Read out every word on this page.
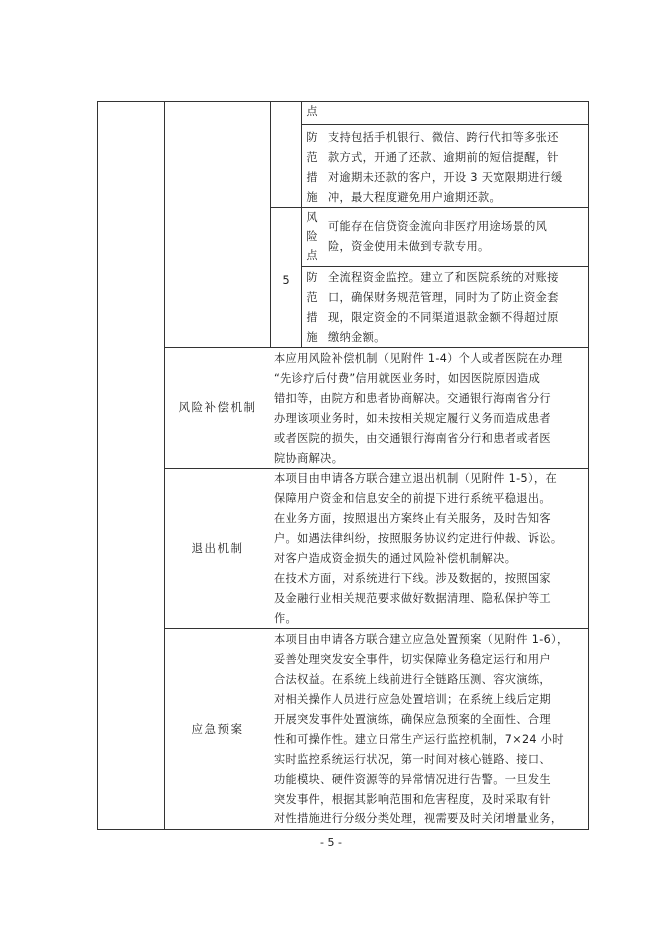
点
防
范
措
施
支持包括手机银行、微信、跨行代扣等多张还
款方式，开通了还款、逾期前的短信提醒，针
对逾期未还款的客户，开设 3 天宽限期进行缓
冲，最大程度避免用户逾期还款。
5
风
险
点
可能存在信贷资金流向非医疗用途场景的风
险，资金使用未做到专款专用。
防
范
措
施
全流程资金监控。建立了和医院系统的对账接
口，确保财务规范管理，同时为了防止资金套
现，限定资金的不同渠道退款金额不得超过原
缴纳金额。
风险补偿机制
本应用风险补偿机制（见附件 1-4）个人或者医院在办理
“先诊疗后付费”信用就医业务时，如因医院原因造成
错扣等，由院方和患者协商解决。交通银行海南省分行
办理该项业务时，如未按相关规定履行义务而造成患者
或者医院的损失，由交通银行海南省分行和患者或者医
院协商解决。
退出机制
本项目由申请各方联合建立退出机制（见附件 1-5），在
保障用户资金和信息安全的前提下进行系统平稳退出。
在业务方面，按照退出方案终止有关服务，及时告知客
户。如遇法律纠纷，按照服务协议约定进行仲裁、诉讼。
对客户造成资金损失的通过风险补偿机制解决。
在技术方面，对系统进行下线。涉及数据的，按照国家
及金融行业相关规范要求做好数据清理、隐私保护等工
作。
应急预案
本项目由申请各方联合建立应急处置预案（见附件 1-6），
妥善处理突发安全事件，切实保障业务稳定运行和用户
合法权益。在系统上线前进行全链路压测、容灾演练，
对相关操作人员进行应急处置培训；在系统上线后定期
开展突发事件处置演练，确保应急预案的全面性、合理
性和可操作性。建立日常生产运行监控机制，7×24 小时
实时监控系统运行状况，第一时间对核心链路、接口、
功能模块、硬件资源等的异常情况进行告警。一旦发生
突发事件，根据其影响范围和危害程度，及时采取有针
对性措施进行分级分类处理，视需要及时关闭增量业务，
- 5 -
